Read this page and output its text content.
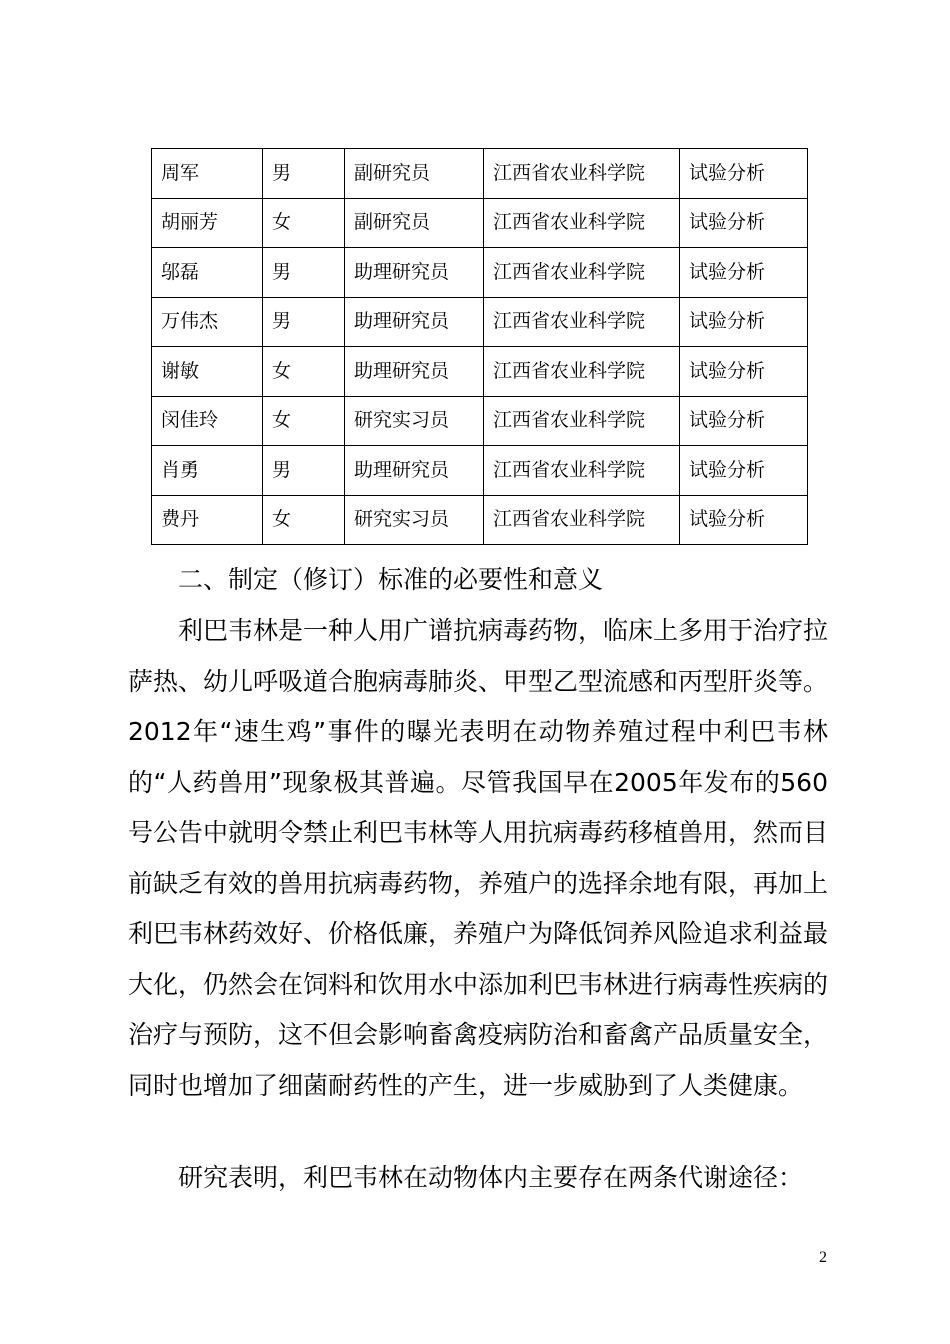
周军	男	副研究员	江西省农业科学院	试验分析
胡丽芳	女	副研究员	江西省农业科学院	试验分析
邬磊	男	助理研究员	江西省农业科学院	试验分析
万伟杰	男	助理研究员	江西省农业科学院	试验分析
谢敏	女	助理研究员	江西省农业科学院	试验分析
闵佳玲	女	研究实习员	江西省农业科学院	试验分析
肖勇	男	助理研究员	江西省农业科学院	试验分析
费丹	女	研究实习员	江西省农业科学院	试验分析
二、制定（修订）标准的必要性和意义

利巴韦林是一种人用广谱抗病毒药物，临床上多用于治疗拉萨热、幼儿呼吸道合胞病毒肺炎、甲型乙型流感和丙型肝炎等。2012年“速生鸡”事件的曝光表明在动物养殖过程中利巴韦林的“人药兽用”现象极其普遍。尽管我国早在2005年发布的560号公告中就明令禁止利巴韦林等人用抗病毒药移植兽用，然而目前缺乏有效的兽用抗病毒药物，养殖户的选择余地有限，再加上利巴韦林药效好、价格低廉，养殖户为降低饲养风险追求利益最大化，仍然会在饲料和饮用水中添加利巴韦林进行病毒性疾病的治疗与预防，这不但会影响畜禽疫病防治和畜禽产品质量安全，同时也增加了细菌耐药性的产生，进一步威胁到了人类健康。

研究表明，利巴韦林在动物体内主要存在两条代谢途径：

2
